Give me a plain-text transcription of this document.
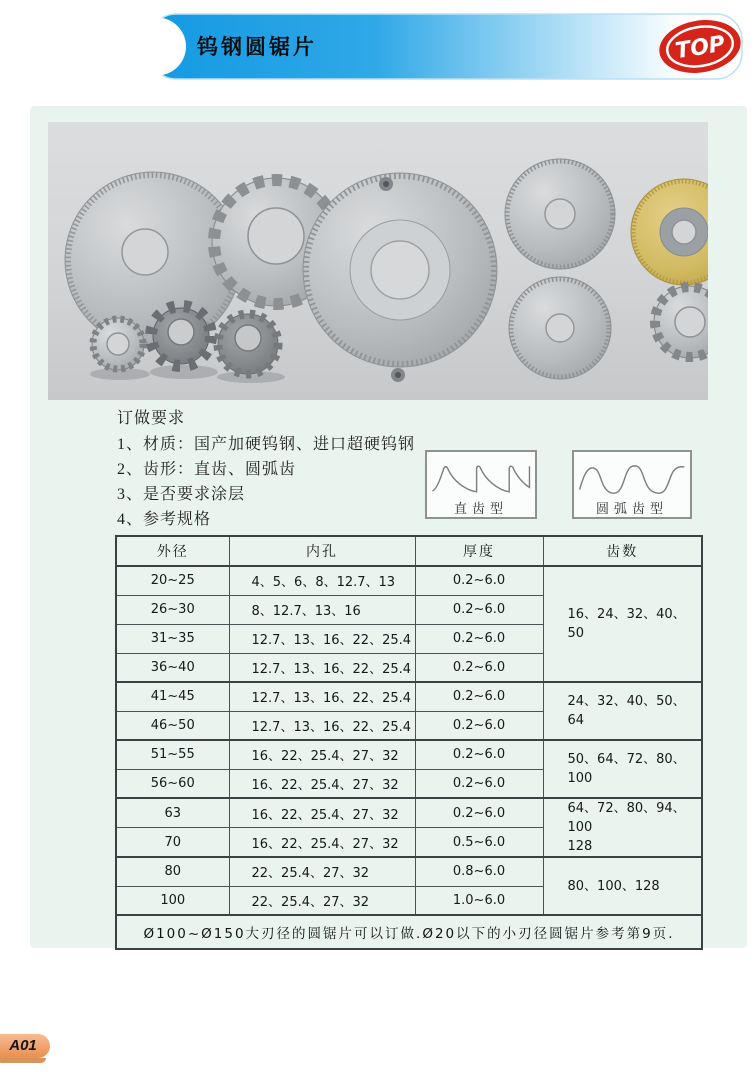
TOP
钨钢圆锯片
订做要求
1、材质：国产加硬钨钢、进口超硬钨钢
2、齿形：直齿、圆弧齿
3、是否要求涂层
4、参考规格
直齿型	圆弧齿型
外径	内孔	厚度	齿数
20~25	4、5、6、8、12.7、13	0.2~6.0	16、24、32、40、50

26~30	8、12.7、13、16	0.2~6.0	
31~35	12.7、13、16、22、25.4	0.2~6.0	
36~40	12.7、13、16、22、25.4	0.2~6.0	
41~45	12.7、13、16、22、25.4	0.2~6.0	24、32、40、50、64

46~50	12.7、13、16、22、25.4	0.2~6.0	
51~55	16、22、25.4、27、32	0.2~6.0	50、64、72、80、100

56~60	16、22、25.4、27、32	0.2~6.0	
63	16、22、25.4、27、32	0.2~6.0	64、72、80、94、100
128

70	16、22、25.4、27、32	0.5~6.0	
80	22、25.4、27、32	0.8~6.0	80、100、128

100	22、25.4、27、32	1.0~6.0	
Ø100~Ø150大刃径的圆锯片可以订做.Ø20以下的小刃径圆锯片参考第9页.			
A01
